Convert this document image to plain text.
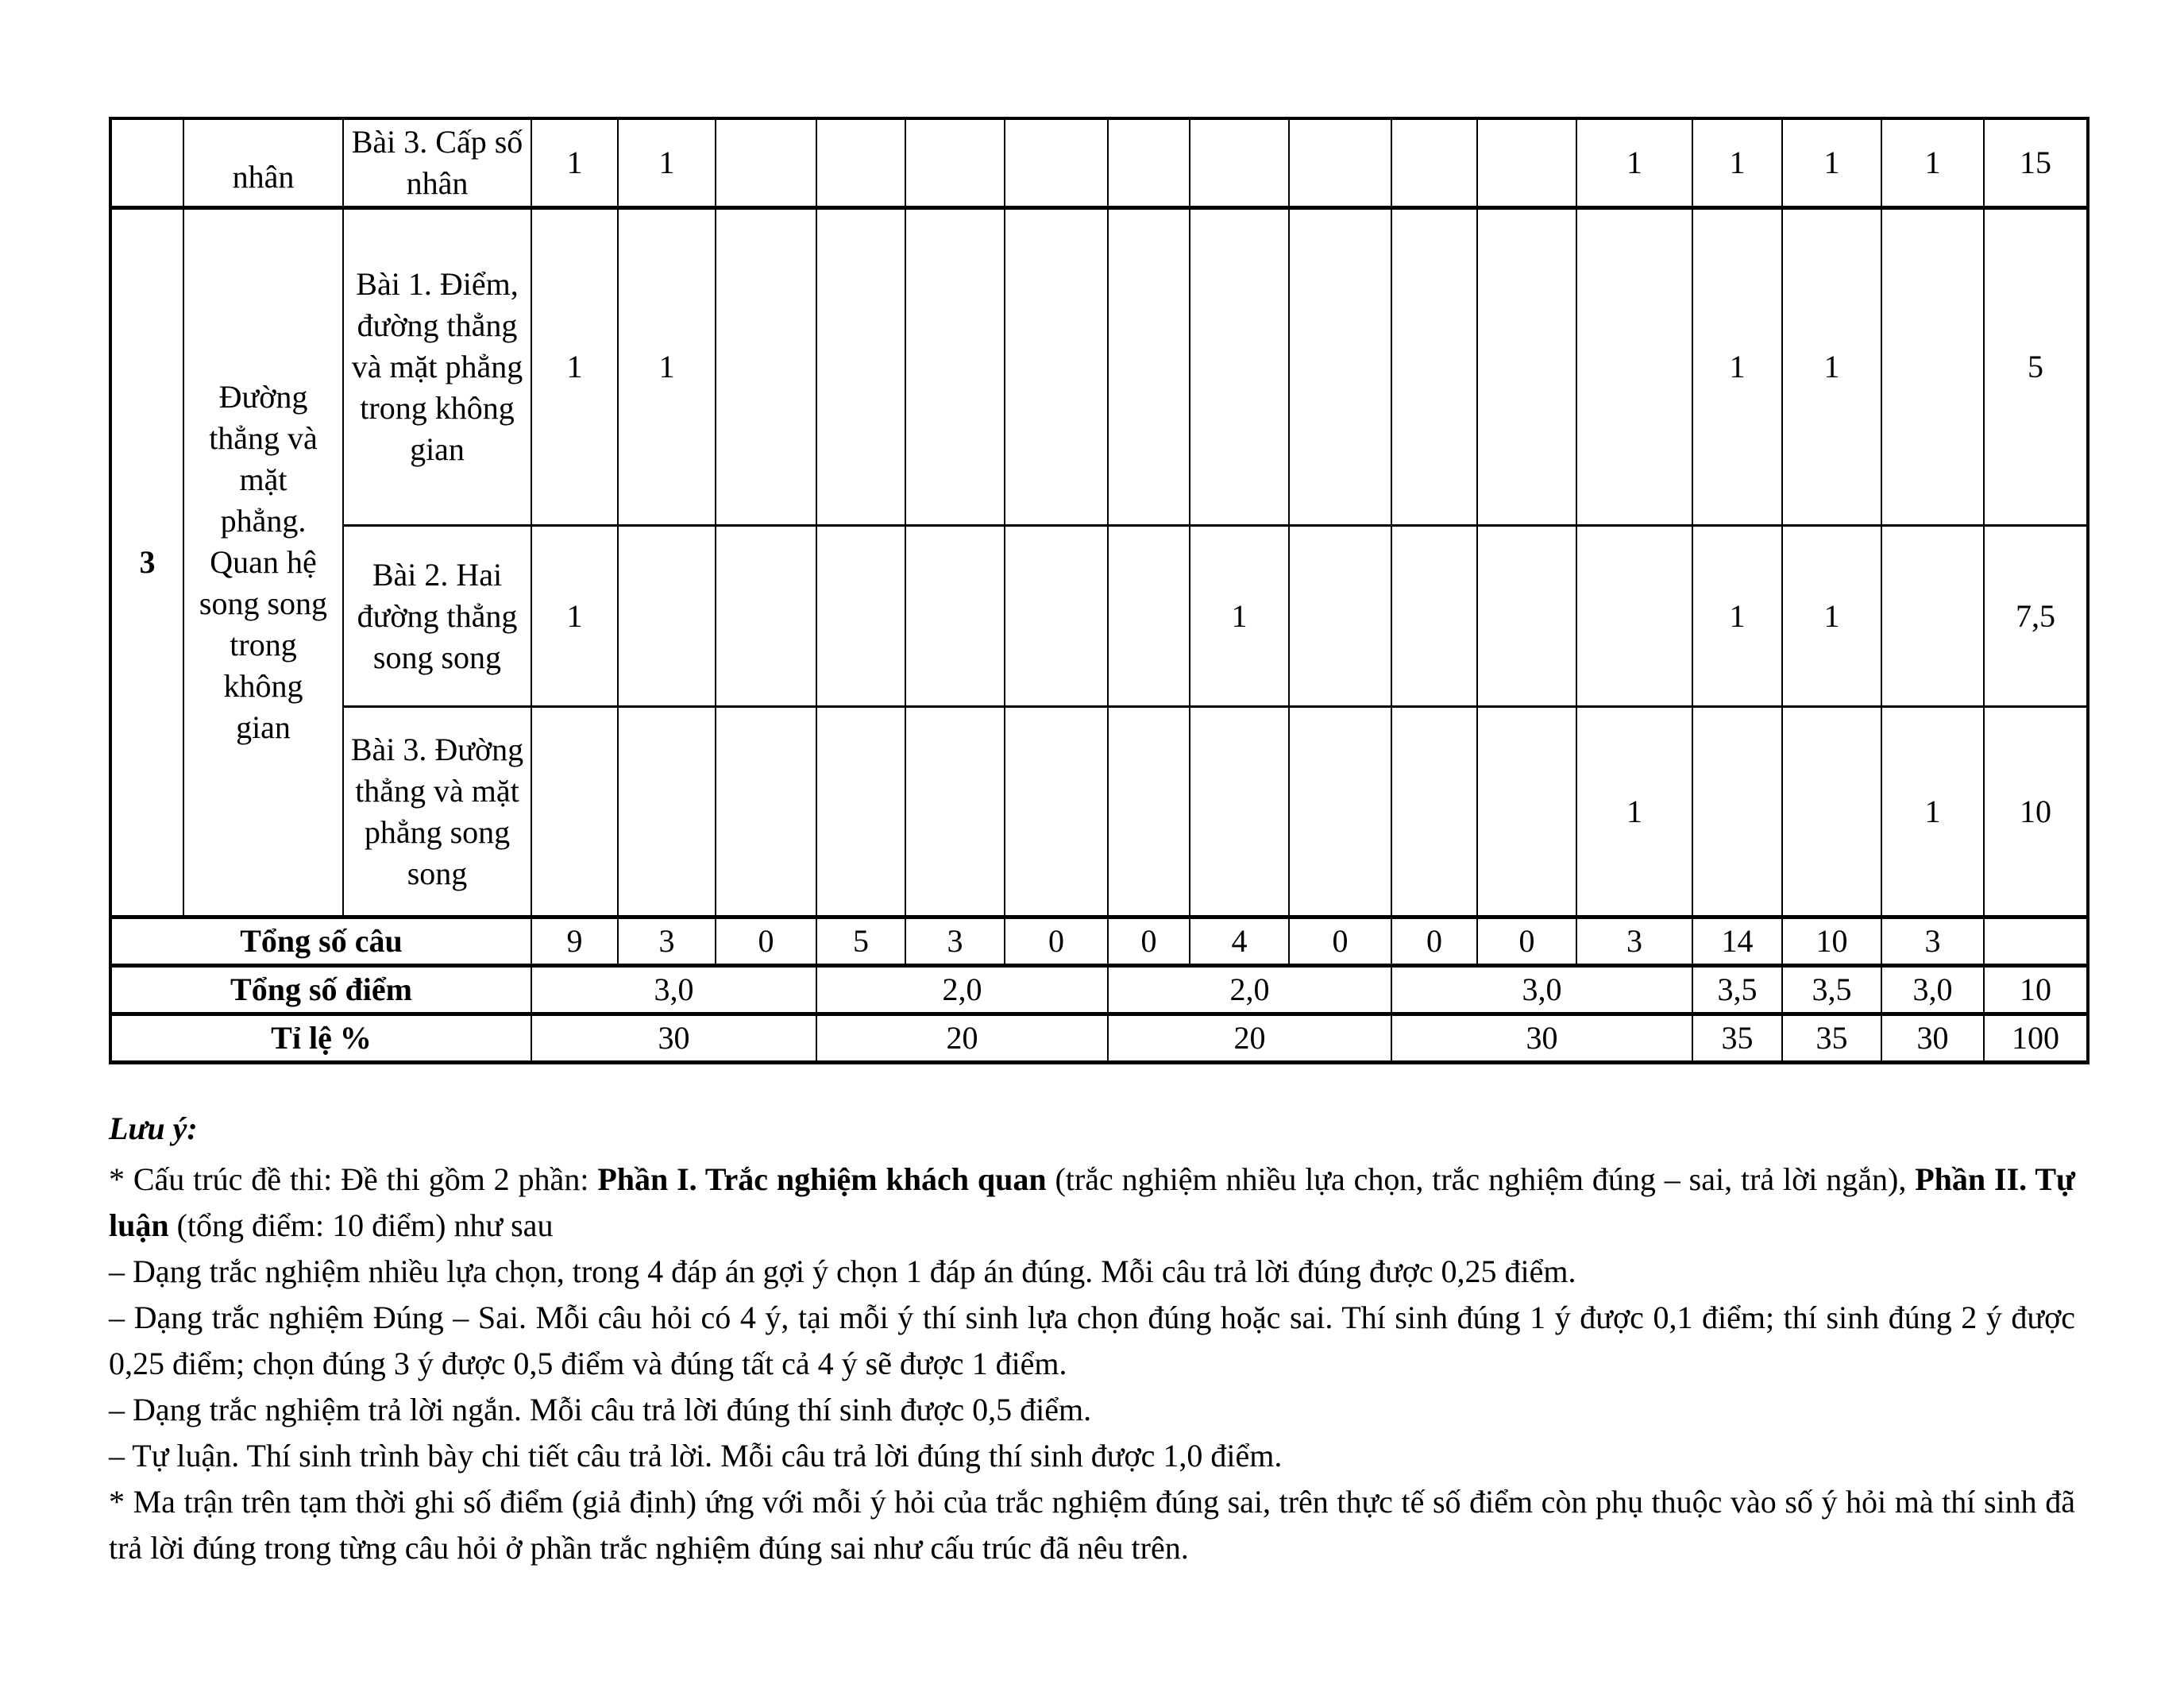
	nhân	Bài 3. Cấp số nhân	1	1										1	1	1	1	15
3	Đường thẳng và mặt phẳng. Quan hệ song song trong không gian	Bài 1. Điểm, đường thẳng và mặt phẳng trong không gian	1	1											1	1		5
		Bài 2. Hai đường thẳng song song	1							1					1	1		7,5
		Bài 3. Đường thẳng và mặt phẳng song song												1			1	10
Tổng số câu			9	3	0	5	3	0	0	4	0	0	0	3	14	10	3	
Tổng số điểm			3,0			2,0			2,0			3,0			3,5	3,5	3,0	10
Tỉ lệ %			30			20			20			30			35	35	30	100

Lưu ý:

* Cấu trúc đề thi: Đề thi gồm 2 phần: Phần I. Trắc nghiệm khách quan (trắc nghiệm nhiều lựa chọn, trắc nghiệm đúng – sai, trả lời ngắn), Phần II. Tự luận (tổng điểm: 10 điểm) như sau

– Dạng trắc nghiệm nhiều lựa chọn, trong 4 đáp án gợi ý chọn 1 đáp án đúng. Mỗi câu trả lời đúng được 0,25 điểm.

– Dạng trắc nghiệm Đúng – Sai. Mỗi câu hỏi có 4 ý, tại mỗi ý thí sinh lựa chọn đúng hoặc sai. Thí sinh đúng 1 ý được 0,1 điểm; thí sinh đúng 2 ý được 0,25 điểm; chọn đúng 3 ý được 0,5 điểm và đúng tất cả 4 ý sẽ được 1 điểm.

– Dạng trắc nghiệm trả lời ngắn. Mỗi câu trả lời đúng thí sinh được 0,5 điểm.

– Tự luận. Thí sinh trình bày chi tiết câu trả lời. Mỗi câu trả lời đúng thí sinh được 1,0 điểm.

* Ma trận trên tạm thời ghi số điểm (giả định) ứng với mỗi ý hỏi của trắc nghiệm đúng sai, trên thực tế số điểm còn phụ thuộc vào số ý hỏi mà thí sinh đã trả lời đúng trong từng câu hỏi ở phần trắc nghiệm đúng sai như cấu trúc đã nêu trên.
